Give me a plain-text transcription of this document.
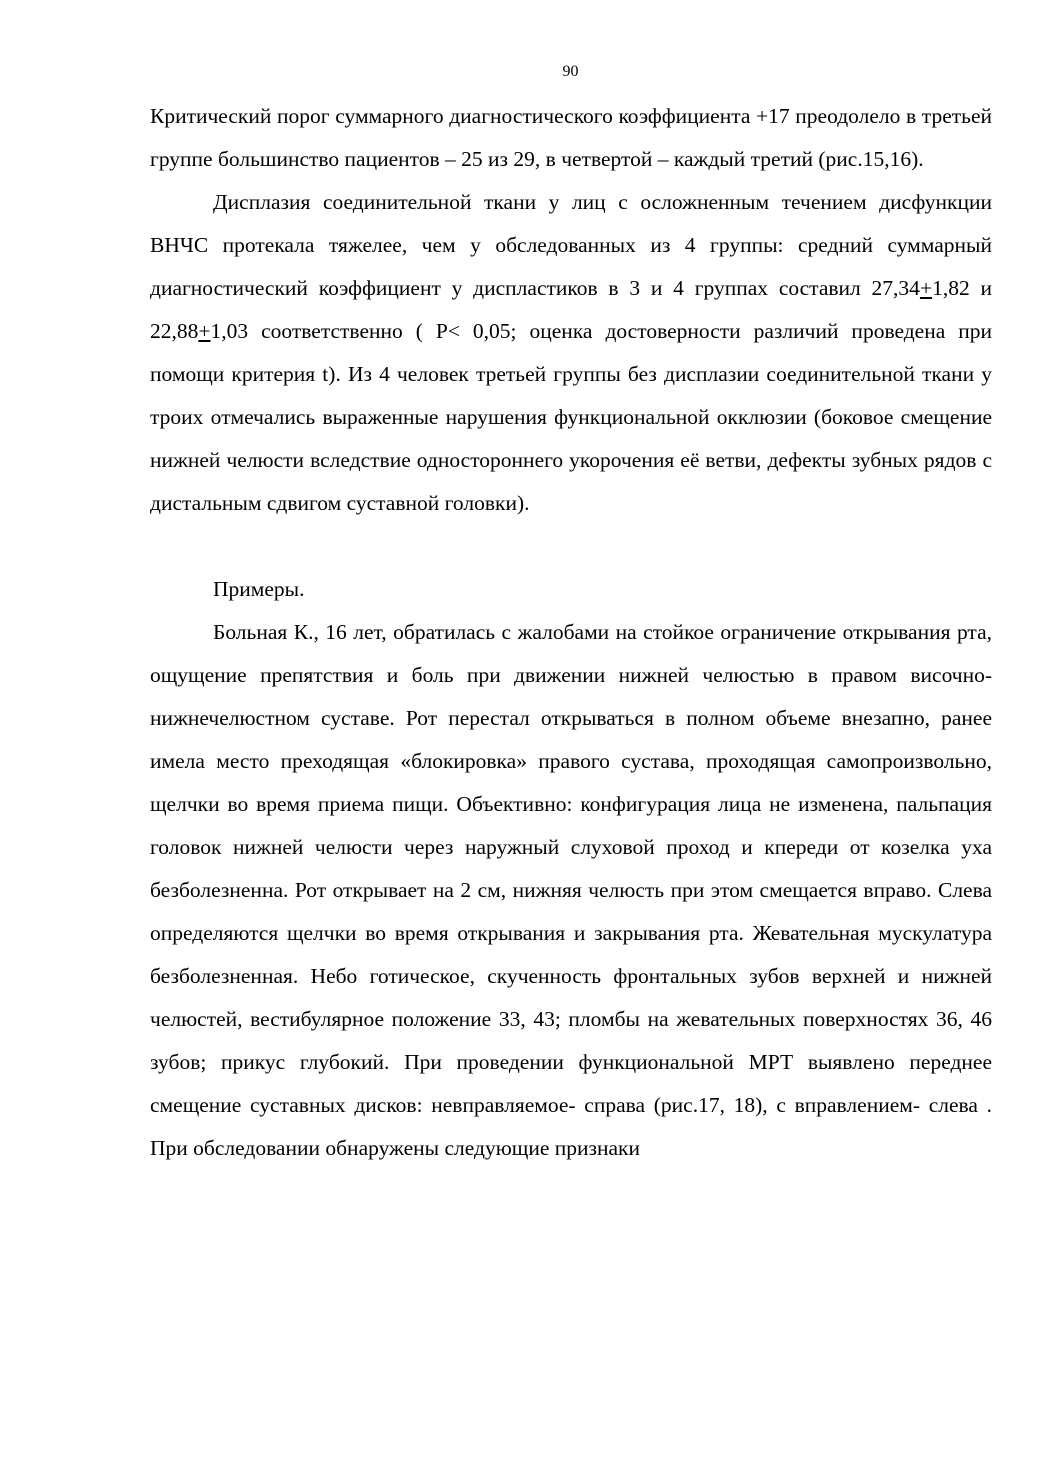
90

Критический порог суммарного диагностического коэффициента +17 преодолело в третьей группе большинство пациентов – 25 из 29, в четвертой – каждый третий (рис.15,16).

Дисплазия соединительной ткани у лиц с осложненным течением дисфункции ВНЧС протекала тяжелее, чем у обследованных из 4 группы: средний суммарный диагностический коэффициент у диспластиков в 3 и 4 группах составил 27,34+1,82 и 22,88+1,03 соответственно ( P< 0,05; оценка достоверности различий проведена при помощи критерия t). Из 4 человек третьей группы без дисплазии соединительной ткани у троих отмечались выраженные нарушения функциональной окклюзии (боковое смещение нижней челюсти вследствие одностороннего укорочения её ветви, дефекты зубных рядов с дистальным сдвигом суставной головки).

Примеры.

Больная К., 16 лет, обратилась с жалобами на стойкое ограничение открывания рта, ощущение препятствия и боль при движении нижней челюстью в правом височно-нижнечелюстном суставе. Рот перестал открываться в полном объеме внезапно, ранее имела место преходящая «блокировка» правого сустава, проходящая самопроизвольно, щелчки во время приема пищи. Объективно: конфигурация лица не изменена, пальпация головок нижней челюсти через наружный слуховой проход и кпереди от козелка уха безболезненна. Рот открывает на 2 см, нижняя челюсть при этом смещается вправо. Слева определяются щелчки во время открывания и закрывания рта. Жевательная мускулатура безболезненная. Небо готическое, скученность фронтальных зубов верхней и нижней челюстей, вестибулярное положение 33, 43; пломбы на жевательных поверхностях 36, 46 зубов; прикус глубокий. При проведении функциональной МРТ выявлено переднее смещение суставных дисков: невправляемое- справа (рис.17, 18), с вправлением- слева . При обследовании обнаружены следующие признаки
